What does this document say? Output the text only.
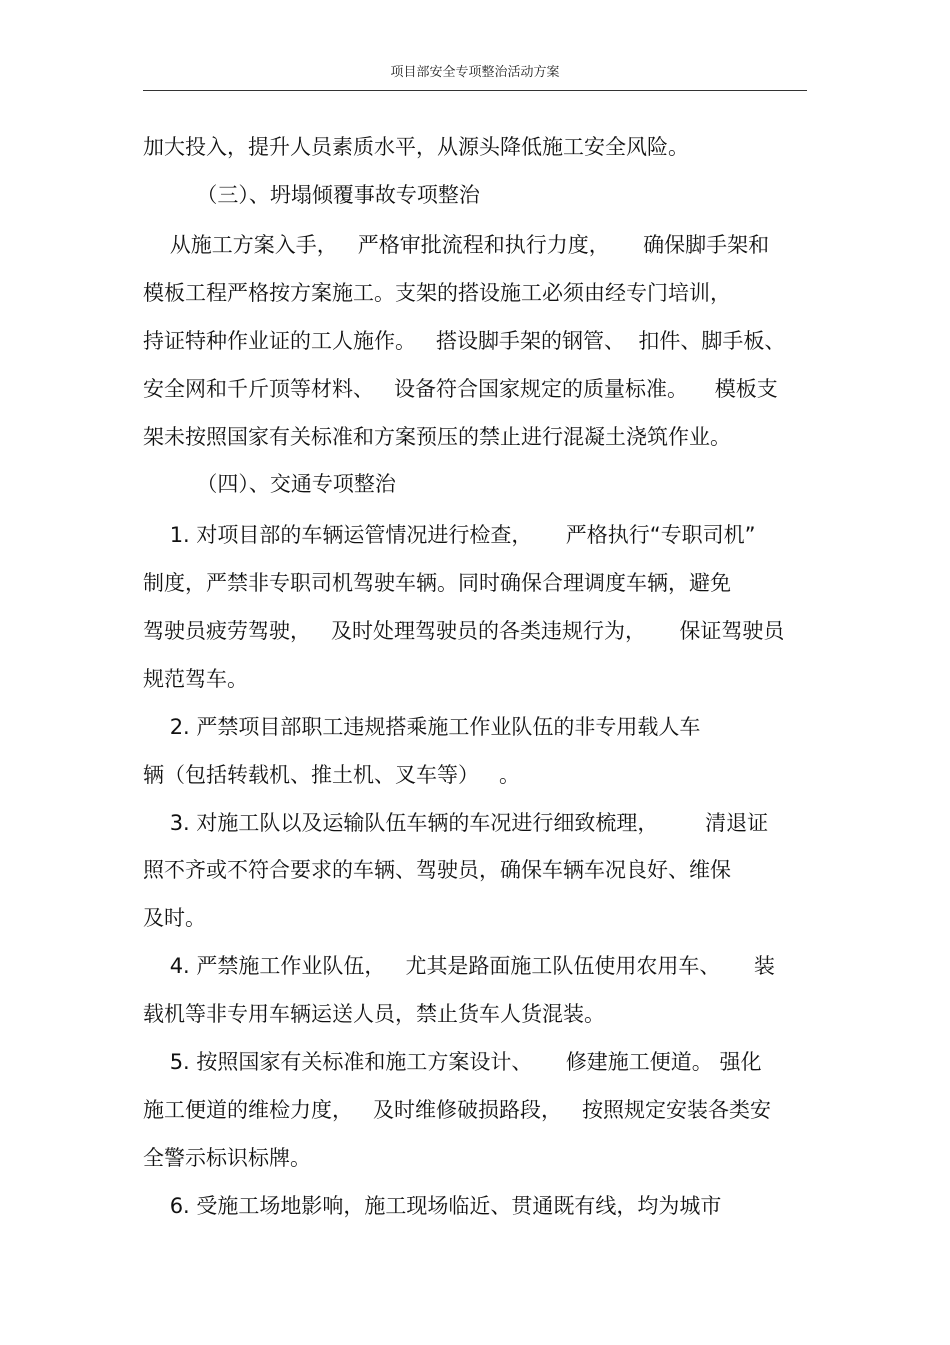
项目部安全专项整治活动方案
加大投入，提升人员素质水平，从源头降低施工安全风险。
（三）、坍塌倾覆事故专项整治
从施工方案入手，   严格审批流程和执行力度，     确保脚手架和
模板工程严格按方案施工。支架的搭设施工必须由经专门培训，
持证特种作业证的工人施作。   搭设脚手架的钢管、  扣件、脚手板、
安全网和千斤顶等材料、   设备符合国家规定的质量标准。    模板支
架未按照国家有关标准和方案预压的禁止进行混凝土浇筑作业。
（四）、交通专项整治
1. 对项目部的车辆运管情况进行检查，     严格执行“专职司机”
制度，严禁非专职司机驾驶车辆。同时确保合理调度车辆，避免
驾驶员疲劳驾驶，   及时处理驾驶员的各类违规行为，     保证驾驶员
规范驾车。
2. 严禁项目部职工违规搭乘施工作业队伍的非专用载人车
辆（包括转载机、推土机、叉车等）   。
3. 对施工队以及运输队伍车辆的车况进行细致梳理，       清退证
照不齐或不符合要求的车辆、驾驶员，确保车辆车况良好、维保
及时。
4. 严禁施工作业队伍，   尤其是路面施工队伍使用农用车、     装
载机等非专用车辆运送人员，禁止货车人货混装。
5. 按照国家有关标准和施工方案设计、     修建施工便道。 强化
施工便道的维检力度，   及时维修破损路段，   按照规定安装各类安
全警示标识标牌。
6. 受施工场地影响，施工现场临近、贯通既有线，均为城市
